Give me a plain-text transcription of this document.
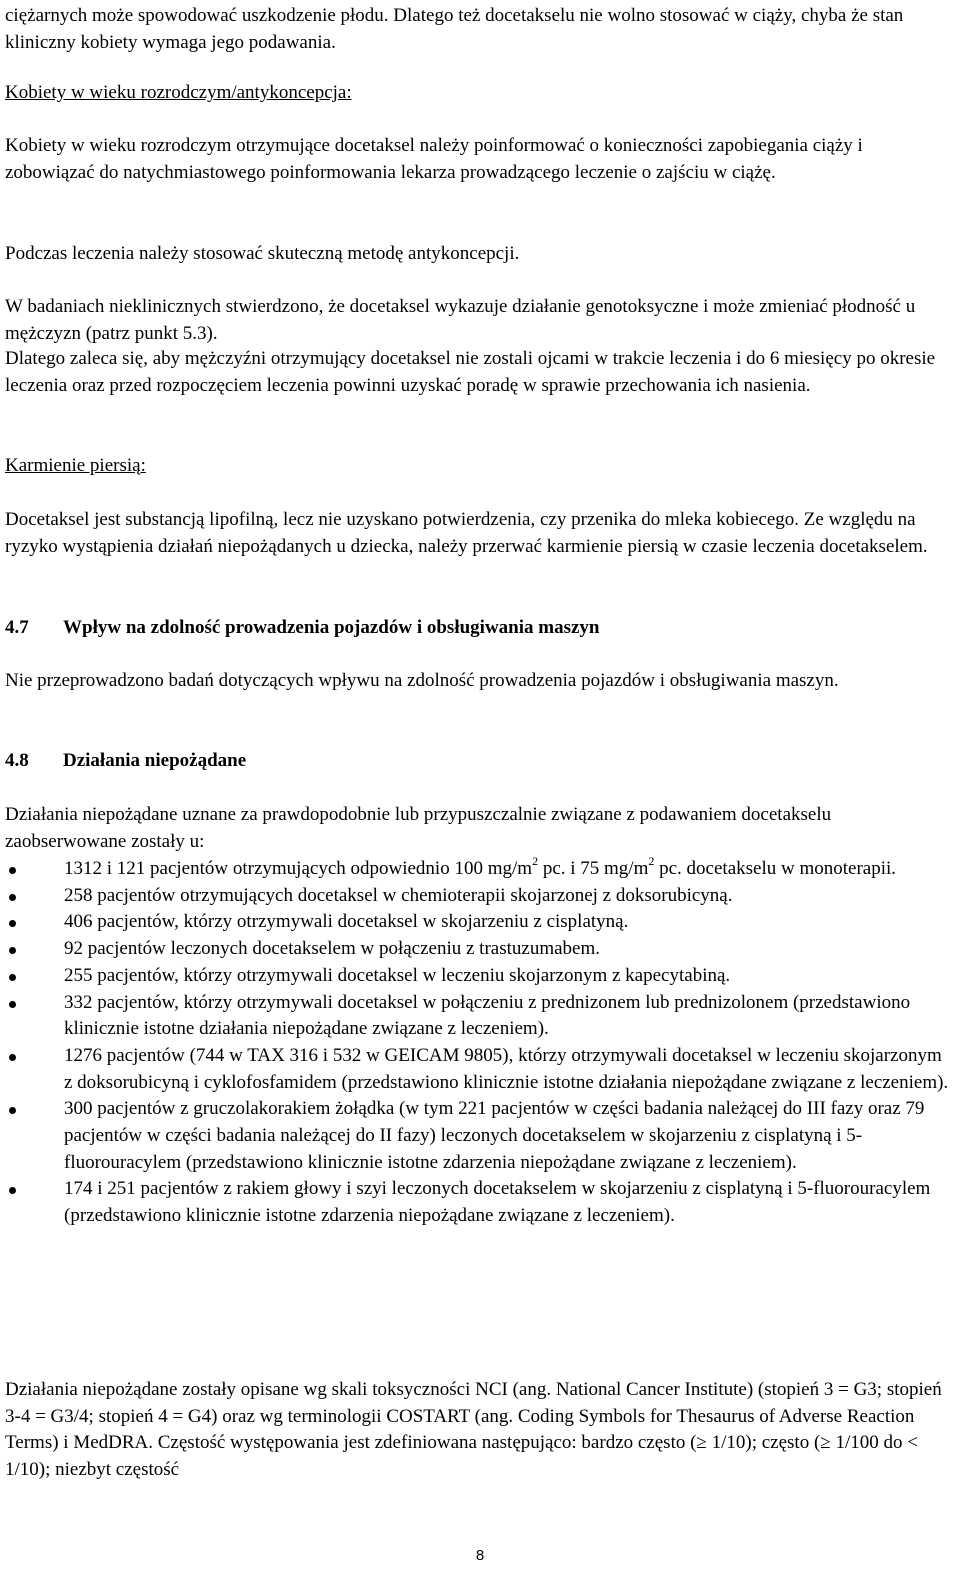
ciężarnych może spowodować uszkodzenie płodu. Dlatego też docetakselu nie wolno stosować w ciąży, chyba że stan kliniczny kobiety wymaga jego podawania.

Kobiety w wieku rozrodczym/antykoncepcja:

Kobiety w wieku rozrodczym otrzymujące docetaksel należy poinformować o konieczności zapobiegania ciąży i zobowiązać do natychmiastowego poinformowania lekarza prowadzącego leczenie o zajściu w ciążę.

Podczas leczenia należy stosować skuteczną metodę antykoncepcji.

W badaniach nieklinicznych stwierdzono, że docetaksel wykazuje działanie genotoksyczne i może zmieniać płodność u mężczyzn (patrz punkt 5.3).

Dlatego zaleca się, aby mężczyźni otrzymujący docetaksel nie zostali ojcami w trakcie leczenia i do 6 miesięcy po okresie leczenia oraz przed rozpoczęciem leczenia powinni uzyskać poradę w sprawie przechowania ich nasienia.

Karmienie piersią:

Docetaksel jest substancją lipofilną, lecz nie uzyskano potwierdzenia, czy przenika do mleka kobiecego. Ze względu na ryzyko wystąpienia działań niepożądanych u dziecka, należy przerwać karmienie piersią w czasie leczenia docetakselem.

4.7 Wpływ na zdolność prowadzenia pojazdów i obsługiwania maszyn

Nie przeprowadzono badań dotyczących wpływu na zdolność prowadzenia pojazdów i obsługiwania maszyn.

4.8 Działania niepożądane

Działania niepożądane uznane za prawdopodobnie lub przypuszczalnie związane z podawaniem docetakselu zaobserwowane zostały u:

1312 i 121 pacjentów otrzymujących odpowiednio 100 $mg/m^2$ pc. i 75 $mg/m^2$ pc. docetakselu w monoterapii.
258 pacjentów otrzymujących docetaksel w chemioterapii skojarzonej z doksorubicyną.
406 pacjentów, którzy otrzymywali docetaksel w skojarzeniu z cisplatyną.
92 pacjentów leczonych docetakselem w połączeniu z trastuzumabem.
255 pacjentów, którzy otrzymywali docetaksel w leczeniu skojarzonym z kapecytabiną.
332 pacjentów, którzy otrzymywali docetaksel w połączeniu z prednizonem lub prednizolonem (przedstawiono klinicznie istotne działania niepożądane związane z leczeniem).
1276 pacjentów (744 w TAX 316 i 532 w GEICAM 9805), którzy otrzymywali docetaksel w leczeniu skojarzonym z doksorubicyną i cyklofosfamidem (przedstawiono klinicznie istotne działania niepożądane związane z leczeniem).
300 pacjentów z gruczolakorakiem żołądka (w tym 221 pacjentów w części badania należącej do III fazy oraz 79 pacjentów w części badania należącej do II fazy) leczonych docetakselem w skojarzeniu z cisplatyną i 5-fluorouracylem (przedstawiono klinicznie istotne zdarzenia niepożądane związane z leczeniem).
174 i 251 pacjentów z rakiem głowy i szyi leczonych docetakselem w skojarzeniu z cisplatyną i 5-fluorouracylem (przedstawiono klinicznie istotne zdarzenia niepożądane związane z leczeniem).

Działania niepożądane zostały opisane wg skali toksyczności NCI (ang. National Cancer Institute) (stopień 3 = G3; stopień 3-4 = G3/4; stopień 4 = G4) oraz wg terminologii COSTART (ang. Coding Symbols for Thesaurus of Adverse Reaction Terms) i MedDRA. Częstość występowania jest zdefiniowana następująco: bardzo często (≥ 1/10); często (≥ 1/100 do < 1/10); niezbyt częstość

8
